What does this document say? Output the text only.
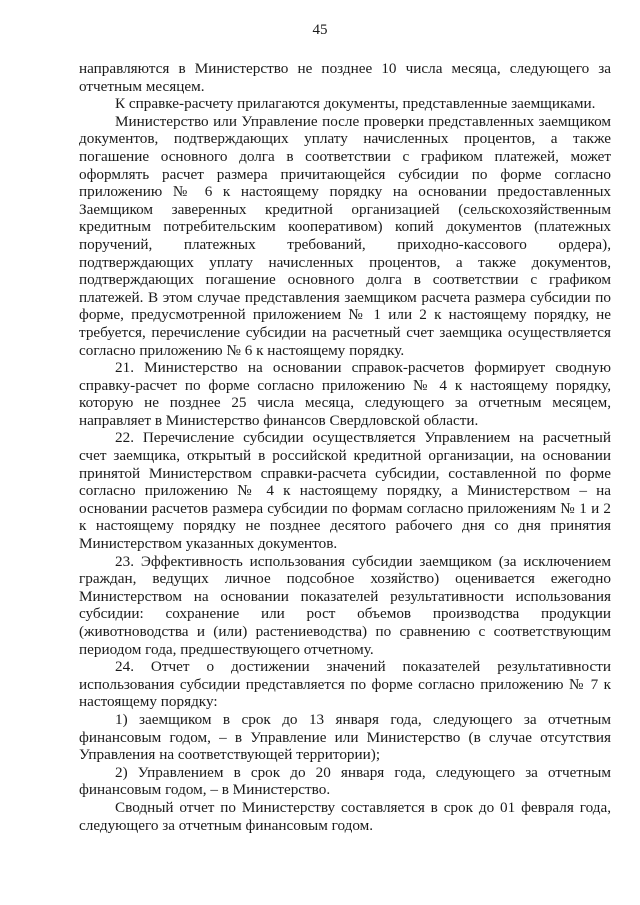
45

направляются в Министерство не позднее 10 числа месяца, следующего за отчетным месяцем.

К справке-расчету прилагаются документы, представленные заемщиками.

Министерство или Управление после проверки представленных заемщиком документов, подтверждающих уплату начисленных процентов, а также погашение основного долга в соответствии с графиком платежей, может оформлять расчет размера причитающейся субсидии по форме согласно приложению № 6 к настоящему порядку на основании предоставленных Заемщиком заверенных кредитной организацией (сельскохозяйственным кредитным потребительским кооперативом) копий документов (платежных поручений, платежных требований, приходно-кассового ордера), подтверждающих уплату начисленных процентов, а также документов, подтверждающих погашение основного долга в соответствии с графиком платежей. В этом случае представления заемщиком расчета размера субсидии по форме, предусмотренной приложением № 1 или 2 к настоящему порядку, не требуется, перечисление субсидии на расчетный счет заемщика осуществляется согласно приложению № 6 к настоящему порядку.

21. Министерство на основании справок-расчетов формирует сводную справку-расчет по форме согласно приложению № 4 к настоящему порядку, которую не позднее 25 числа месяца, следующего за отчетным месяцем, направляет в Министерство финансов Свердловской области.

22. Перечисление субсидии осуществляется Управлением на расчетный счет заемщика, открытый в российской кредитной организации, на основании принятой Министерством справки-расчета субсидии, составленной по форме согласно приложению № 4 к настоящему порядку, а Министерством – на основании расчетов размера субсидии по формам согласно приложениям № 1 и 2 к настоящему порядку не позднее десятого рабочего дня со дня принятия Министерством указанных документов.

23. Эффективность использования субсидии заемщиком (за исключением граждан, ведущих личное подсобное хозяйство) оценивается ежегодно Министерством на основании показателей результативности использования субсидии: сохранение или рост объемов производства продукции (животноводства и (или) растениеводства) по сравнению с соответствующим периодом года, предшествующего отчетному.

24. Отчет о достижении значений показателей результативности использования субсидии представляется по форме согласно приложению № 7 к настоящему порядку:

1) заемщиком в срок до 13 января года, следующего за отчетным финансовым годом, – в Управление или Министерство (в случае отсутствия Управления на соответствующей территории);

2) Управлением в срок до 20 января года, следующего за отчетным финансовым годом, – в Министерство.

Сводный отчет по Министерству составляется в срок до 01 февраля года, следующего за отчетным финансовым годом.
